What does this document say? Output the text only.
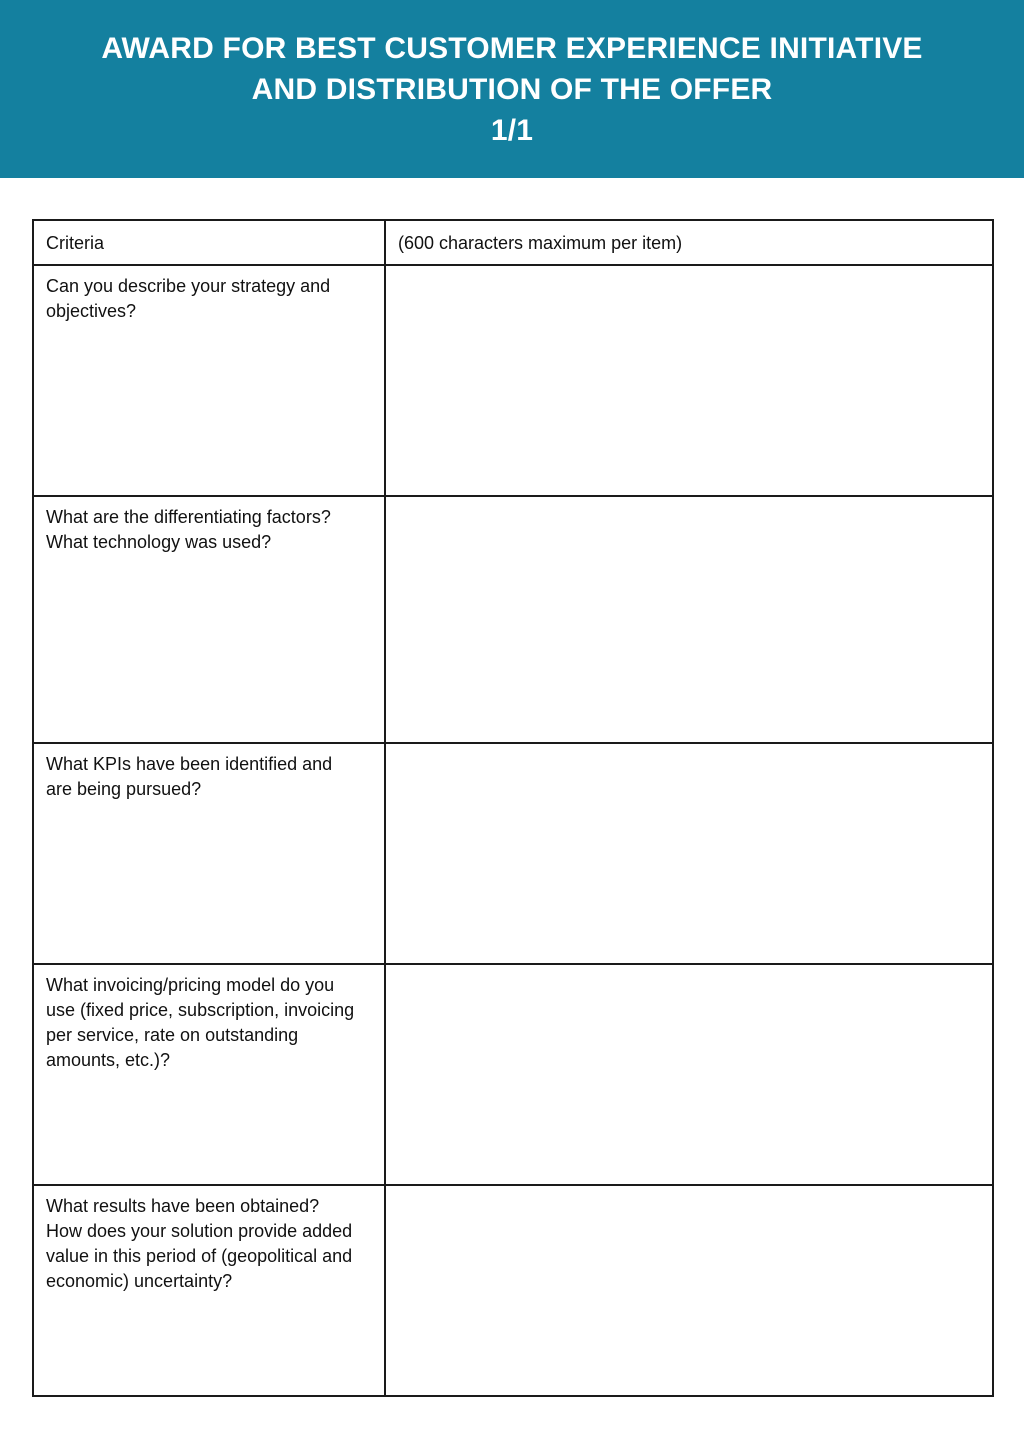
AWARD FOR BEST CUSTOMER EXPERIENCE INITIATIVE
AND DISTRIBUTION OF THE OFFER
1/1
Criteria	(600 characters maximum per item)

Can you describe your strategy and
objectives?	

What are the differentiating factors?
What technology was used?	

What KPIs have been identified and
are being pursued?	

What invoicing/pricing model do you
use (fixed price, subscription, invoicing
per service, rate on outstanding
amounts, etc.)?	

What results have been obtained?
How does your solution provide added
value in this period of (geopolitical and
economic) uncertainty?	
